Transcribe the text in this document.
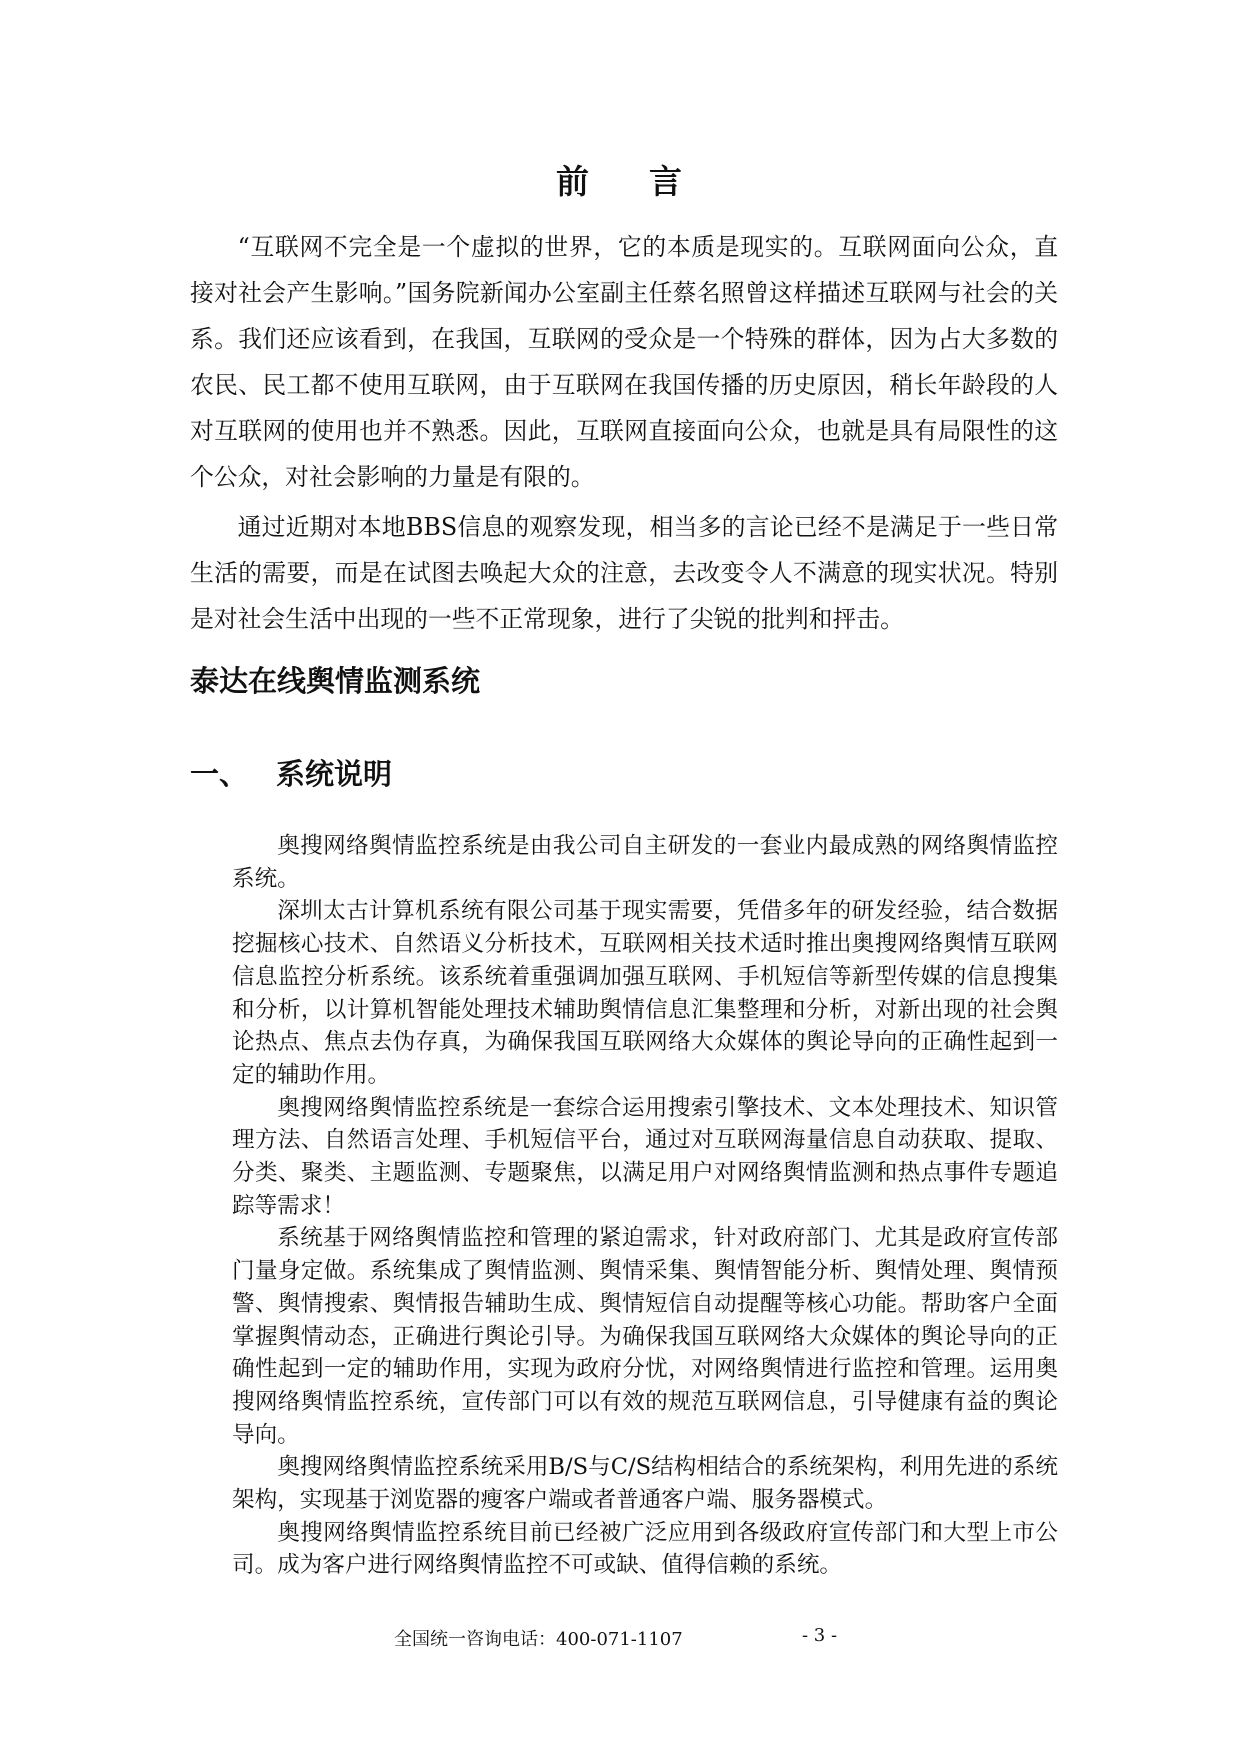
前 言

“互联网不完全是一个虚拟的世界，它的本质是现实的。互联网面向公众，直接对社会产生影响。”国务院新闻办公室副主任蔡名照曾这样描述互联网与社会的关系。我们还应该看到，在我国，互联网的受众是一个特殊的群体，因为占大多数的农民、民工都不使用互联网，由于互联网在我国传播的历史原因，稍长年龄段的人对互联网的使用也并不熟悉。因此，互联网直接面向公众，也就是具有局限性的这个公众，对社会影响的力量是有限的。

通过近期对本地BBS信息的观察发现，相当多的言论已经不是满足于一些日常生活的需要，而是在试图去唤起大众的注意，去改变令人不满意的现实状况。特别是对社会生活中出现的一些不正常现象，进行了尖锐的批判和抨击。

泰达在线舆情监测系统
一、 系统说明

奥搜网络舆情监控系统是由我公司自主研发的一套业内最成熟的网络舆情监控系统。

深圳太古计算机系统有限公司基于现实需要，凭借多年的研发经验，结合数据挖掘核心技术、自然语义分析技术，互联网相关技术适时推出奥搜网络舆情互联网信息监控分析系统。该系统着重强调加强互联网、手机短信等新型传媒的信息搜集和分析，以计算机智能处理技术辅助舆情信息汇集整理和分析，对新出现的社会舆论热点、焦点去伪存真，为确保我国互联网络大众媒体的舆论导向的正确性起到一定的辅助作用。

奥搜网络舆情监控系统是一套综合运用搜索引擎技术、文本处理技术、知识管理方法、自然语言处理、手机短信平台，通过对互联网海量信息自动获取、提取、分类、聚类、主题监测、专题聚焦，以满足用户对网络舆情监测和热点事件专题追踪等需求！

系统基于网络舆情监控和管理的紧迫需求，针对政府部门、尤其是政府宣传部门量身定做。系统集成了舆情监测、舆情采集、舆情智能分析、舆情处理、舆情预警、舆情搜索、舆情报告辅助生成、舆情短信自动提醒等核心功能。帮助客户全面掌握舆情动态，正确进行舆论引导。为确保我国互联网络大众媒体的舆论导向的正确性起到一定的辅助作用，实现为政府分忧，对网络舆情进行监控和管理。运用奥搜网络舆情监控系统，宣传部门可以有效的规范互联网信息，引导健康有益的舆论导向。

奥搜网络舆情监控系统采用B/S与C/S结构相结合的系统架构，利用先进的系统架构，实现基于浏览器的瘦客户端或者普通客户端、服务器模式。

奥搜网络舆情监控系统目前已经被广泛应用到各级政府宣传部门和大型上市公司。成为客户进行网络舆情监控不可或缺、值得信赖的系统。

全国统一咨询电话：400-071-1107	- 3 -
